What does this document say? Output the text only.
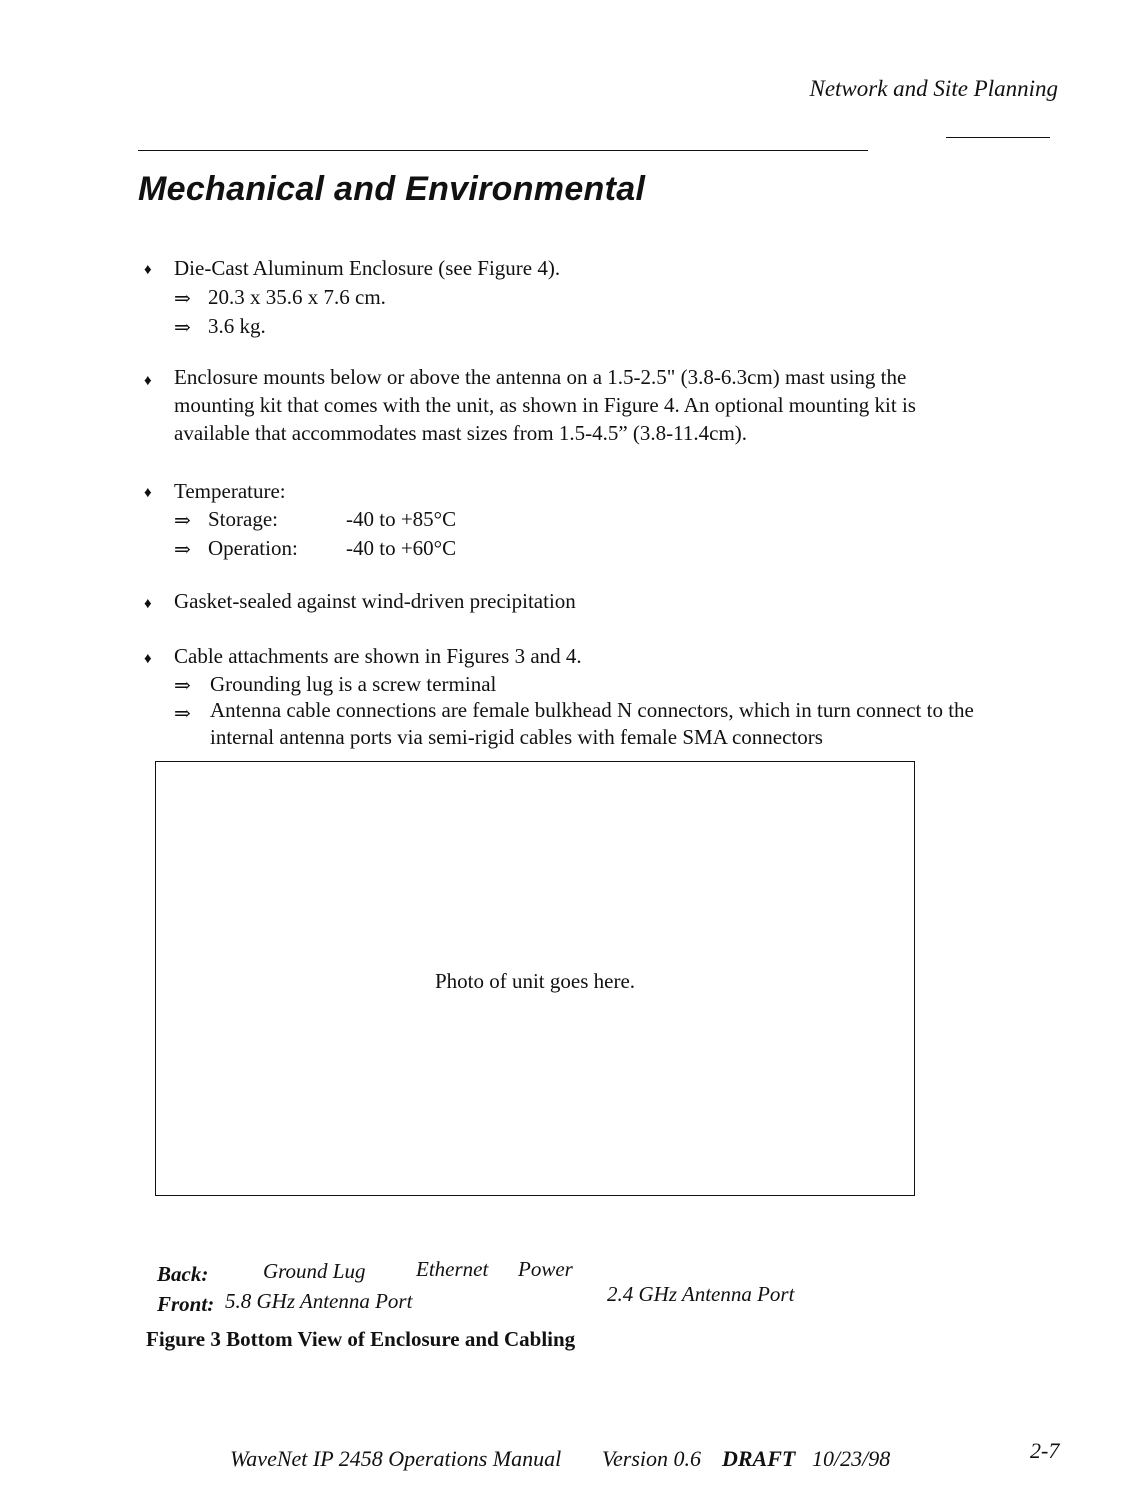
Network and Site Planning
Mechanical and Environmental
♦ Die-Cast Aluminum Enclosure (see Figure 4).
⇒ 20.3 x 35.6 x 7.6 cm.
⇒ 3.6 kg.
♦ Enclosure mounts below or above the antenna on a 1.5-2.5" (3.8-6.3cm) mast using the
mounting kit that comes with the unit, as shown in Figure 4. An optional mounting kit is
available that accommodates mast sizes from 1.5-4.5” (3.8-11.4cm).
♦ Temperature:
⇒ Storage:	-40 to +85°C
⇒ Operation: -40 to +60°C
♦ Gasket-sealed against wind-driven precipitation
♦ Cable attachments are shown in Figures 3 and 4.
⇒ Grounding lug is a screw terminal
⇒ Antenna cable connections are female bulkhead N connectors, which in turn connect to the
internal antenna ports via semi-rigid cables with female SMA connectors
Photo of unit goes here.
Back:	Ground Lug Ethernet Power
Front: 5.8 GHz Antenna Port	2.4 GHz Antenna Port
Figure 3 Bottom View of Enclosure and Cabling
WaveNet IP 2458 Operations Manual Version 0.6 DRAFT 10/23/98	2-7
